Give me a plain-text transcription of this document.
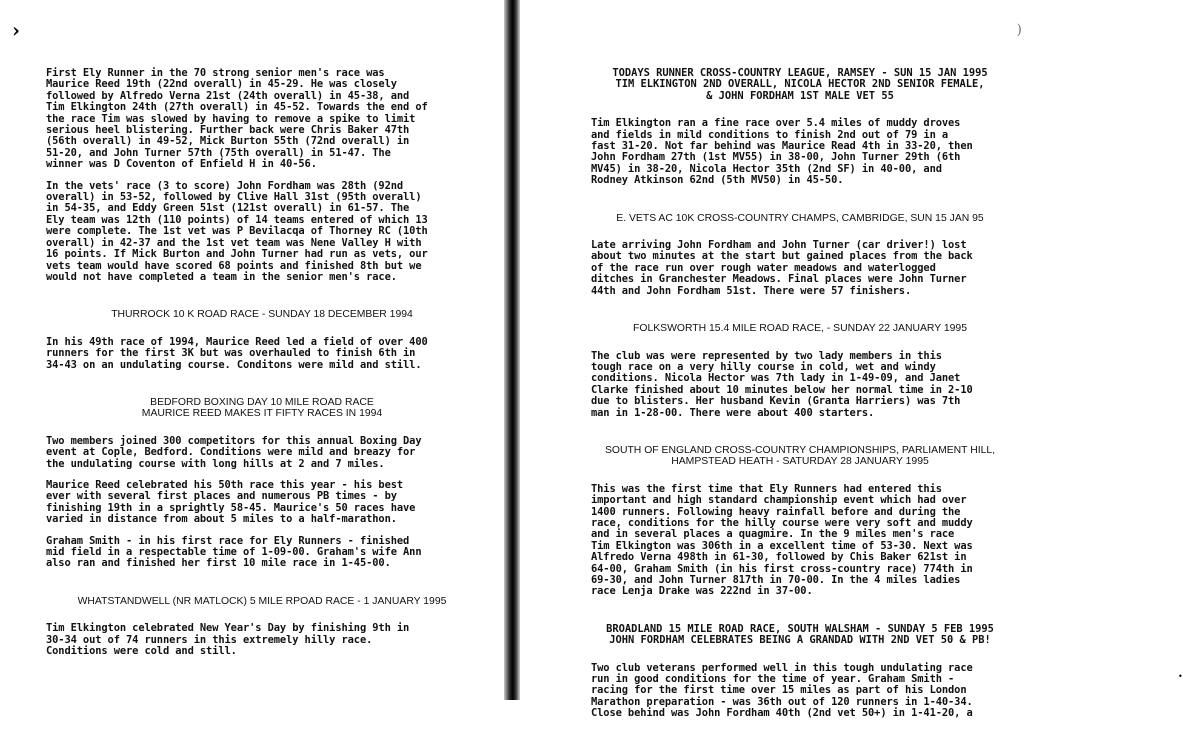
›
First Ely Runner in the 70 strong senior men's race was
Maurice Reed 19th (22nd overall) in 45-29. He was closely
followed by Alfredo Verna 21st (24th overall) in 45-38, and
Tim Elkington 24th (27th overall) in 45-52. Towards the end of
the race Tim was slowed by having to remove a spike to limit
serious heel blistering. Further back were Chris Baker 47th
(56th overall) in 49-52, Mick Burton 55th (72nd overall) in
51-20, and John Turner 57th (75th overall) in 51-47. The
winner was D Coventon of Enfield H in 40-56.
In the vets' race (3 to score) John Fordham was 28th (92nd
overall) in 53-52, followed by Clive Hall 31st (95th overall)
in 54-35, and Eddy Green 51st (121st overall) in 61-57. The
Ely team was 12th (110 points) of 14 teams entered of which 13
were complete. The 1st vet was P Bevilacqa of Thorney RC (10th
overall) in 42-37 and the 1st vet team was Nene Valley H with
16 points. If Mick Burton and John Turner had run as vets, our
vets team would have scored 68 points and finished 8th but we
would not have completed a team in the senior men's race.
THURROCK 10 K ROAD RACE - SUNDAY 18 DECEMBER 1994
In his 49th race of 1994, Maurice Reed led a field of over 400
runners for the first 3K but was overhauled to finish 6th in
34-43 on an undulating course. Conditons were mild and still.
BEDFORD BOXING DAY 10 MILE ROAD RACE
MAURICE REED MAKES IT FIFTY RACES IN 1994
Two members joined 300 competitors for this annual Boxing Day
event at Cople, Bedford. Conditions were mild and breazy for
the undulating course with long hills at 2 and 7 miles.
Maurice Reed celebrated his 50th race this year - his best
ever with several first places and numerous PB times - by
finishing 19th in a sprightly 58-45. Maurice's 50 races have
varied in distance from about 5 miles to a half-marathon.
Graham Smith - in his first race for Ely Runners - finished
mid field in a respectable time of 1-09-00. Graham's wife Ann
also ran and finished her first 10 mile race in 1-45-00.
WHATSTANDWELL (NR MATLOCK) 5 MILE RPOAD RACE - 1 JANUARY 1995
Tim Elkington celebrated New Year's Day by finishing 9th in
30-34 out of 74 runners in this extremely hilly race.
Conditions were cold and still.
)
•
TODAYS RUNNER CROSS-COUNTRY LEAGUE, RAMSEY - SUN 15 JAN 1995
TIM ELKINGTON 2ND OVERALL, NICOLA HECTOR 2ND SENIOR FEMALE,
& JOHN FORDHAM 1ST MALE VET 55
Tim Elkington ran a fine race over 5.4 miles of muddy droves
and fields in mild conditions to finish 2nd out of 79 in a
fast 31-20. Not far behind was Maurice Read 4th in 33-20, then
John Fordham 27th (1st MV55) in 38-00, John Turner 29th (6th
MV45) in 38-20, Nicola Hector 35th (2nd SF) in 40-00, and
Rodney Atkinson 62nd (5th MV50) in 45-50.
E. VETS AC 10K CROSS-COUNTRY CHAMPS, CAMBRIDGE, SUN 15 JAN 95
Late arriving John Fordham and John Turner (car driver!) lost
about two minutes at the start but gained places from the back
of the race run over rough water meadows and waterlogged
ditches in Granchester Meadows. Final places were John Turner
44th and John Fordham 51st. There were 57 finishers.
FOLKSWORTH 15.4 MILE ROAD RACE, - SUNDAY 22 JANUARY 1995
The club was were represented by two lady members in this
tough race on a very hilly course in cold, wet and windy
conditions. Nicola Hector was 7th lady in 1-49-09, and Janet
Clarke finished about 10 minutes below her normal time in 2-10
due to blisters. Her husband Kevin (Granta Harriers) was 7th
man in 1-28-00. There were about 400 starters.
SOUTH OF ENGLAND CROSS-COUNTRY CHAMPIONSHIPS, PARLIAMENT HILL,
HAMPSTEAD HEATH - SATURDAY 28 JANUARY 1995
This was the first time that Ely Runners had entered this
important and high standard championship event which had over
1400 runners. Following heavy rainfall before and during the
race, conditions for the hilly course were very soft and muddy
and in several places a quagmire. In the 9 miles men's race
Tim Elkington was 306th in a excellent time of 53-30. Next was
Alfredo Verna 498th in 61-30, followed by Chis Baker 621st in
64-00, Graham Smith (in his first cross-country race) 774th in
69-30, and John Turner 817th in 70-00. In the 4 miles ladies
race Lenja Drake was 222nd in 37-00.
BROADLAND 15 MILE ROAD RACE, SOUTH WALSHAM - SUNDAY 5 FEB 1995
JOHN FORDHAM CELEBRATES BEING A GRANDAD WITH 2ND VET 50 & PB!
Two club veterans performed well in this tough undulating race
run in good conditions for the time of year. Graham Smith -
racing for the first time over 15 miles as part of his London
Marathon preparation - was 36th out of 120 runners in 1-40-34.
Close behind was John Fordham 40th (2nd vet 50+) in 1-41-20, a
